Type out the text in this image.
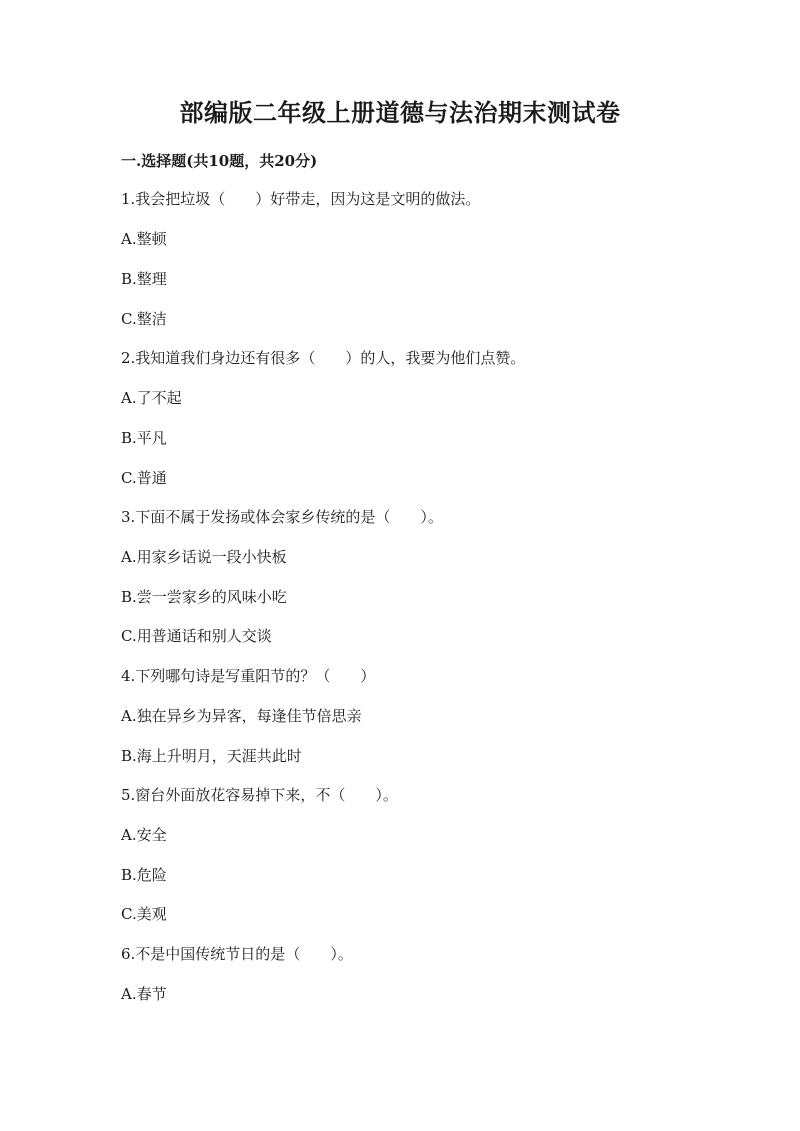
部编版二年级上册道德与法治期末测试卷
一.选择题(共10题，共20分)
1.我会把垃圾（　　）好带走，因为这是文明的做法。
A.整顿
B.整理
C.整洁
2.我知道我们身边还有很多（　　）的人，我要为他们点赞。
A.了不起
B.平凡
C.普通
3.下面不属于发扬或体会家乡传统的是（　　）。
A.用家乡话说一段小快板
B.尝一尝家乡的风味小吃
C.用普通话和别人交谈
4.下列哪句诗是写重阳节的？（　　）
A.独在异乡为异客，每逢佳节倍思亲
B.海上升明月，天涯共此时
5.窗台外面放花容易掉下来，不（　　）。
A.安全
B.危险
C.美观
6.不是中国传统节日的是（　　）。
A.春节
